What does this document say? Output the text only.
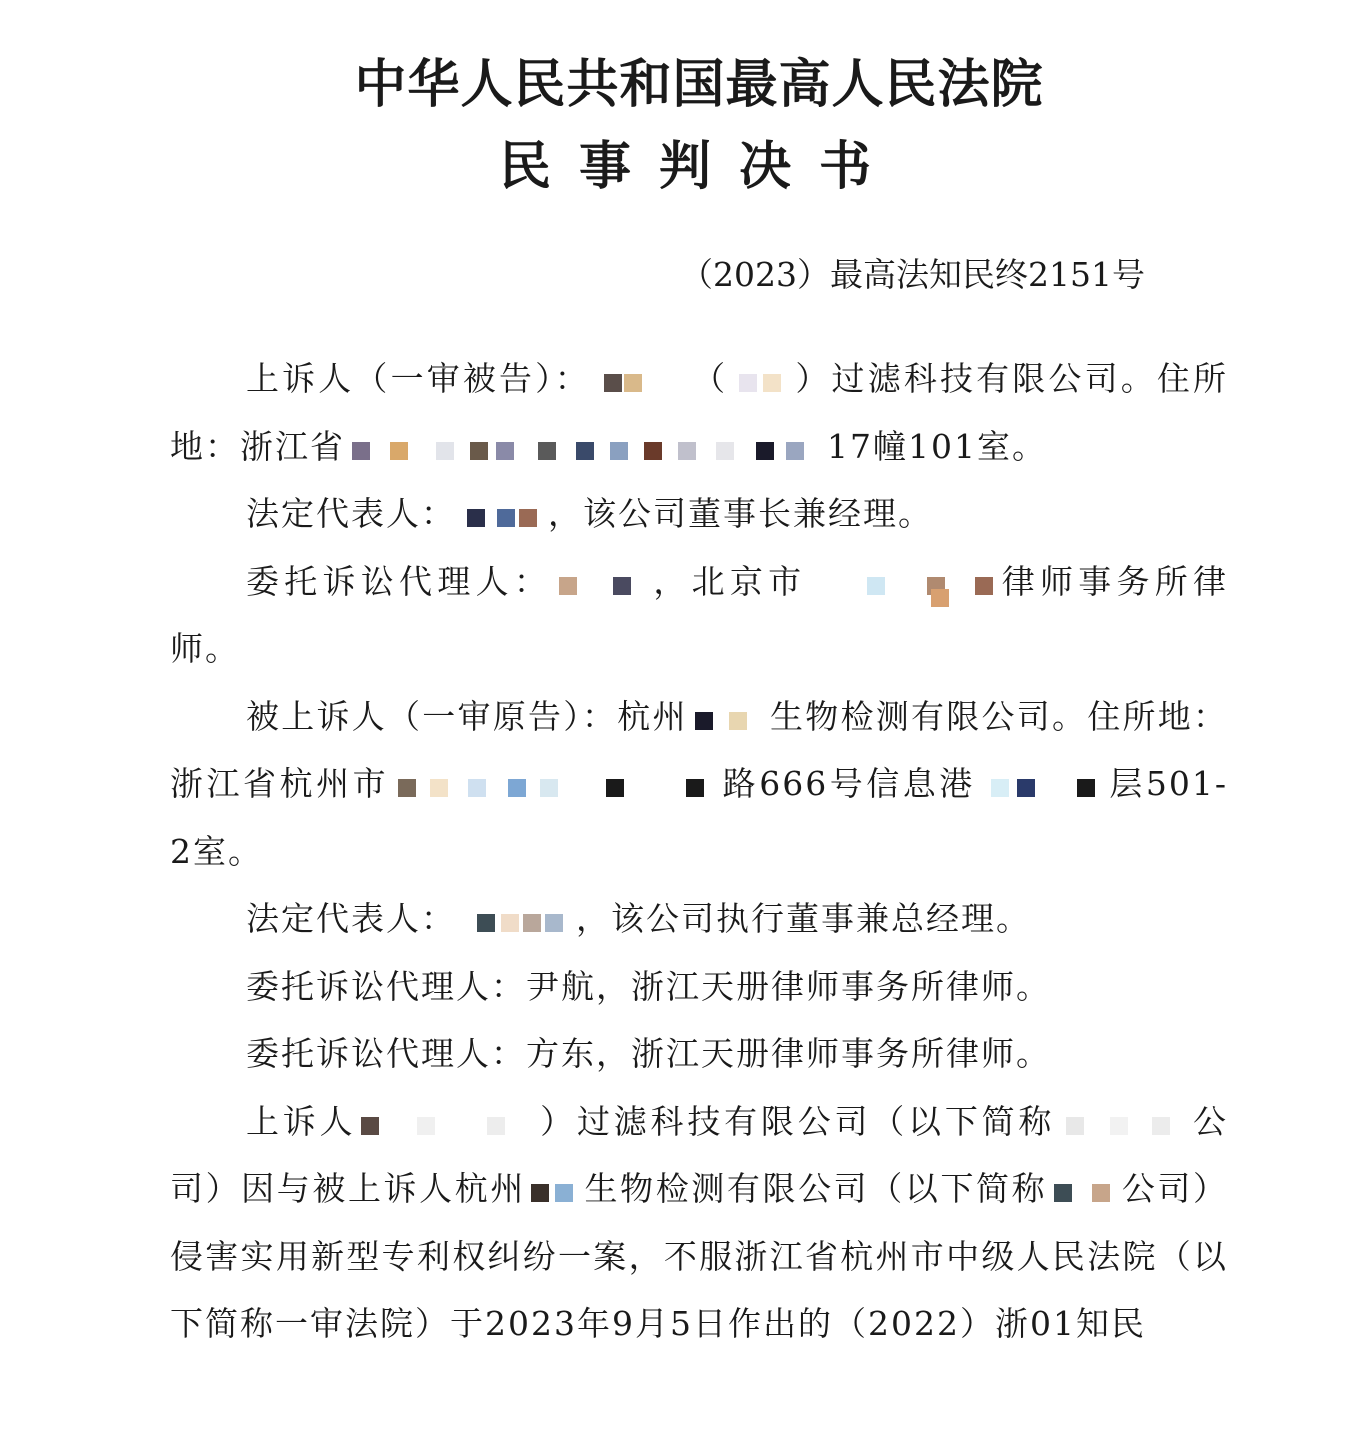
中华人民共和国最高人民法院
民事判决书
（2023）最高法知民终2151号

上诉人（一审被告）：	（ ）过滤科技有限公司。住所地：浙江省	17幢101室。

法定代表人：	，该公司董事长兼经理。

委托诉讼代理人：	，北京市	律师事务所律师。

被上诉人（一审原告）：杭州 生物检测有限公司。住所地：浙江省杭州市	路666号信息港	层501-2室。

法定代表人：	，该公司执行董事兼总经理。

委托诉讼代理人：尹航，浙江天册律师事务所律师。

委托诉讼代理人：方东，浙江天册律师事务所律师。

上诉人	）过滤科技有限公司（以下简称	公司）因与被上诉人杭州 生物检测有限公司（以下简称 公司）侵害实用新型专利权纠纷一案，不服浙江省杭州市中级人民法院（以下简称一审法院）于2023年9月5日作出的（2022）浙01知民
